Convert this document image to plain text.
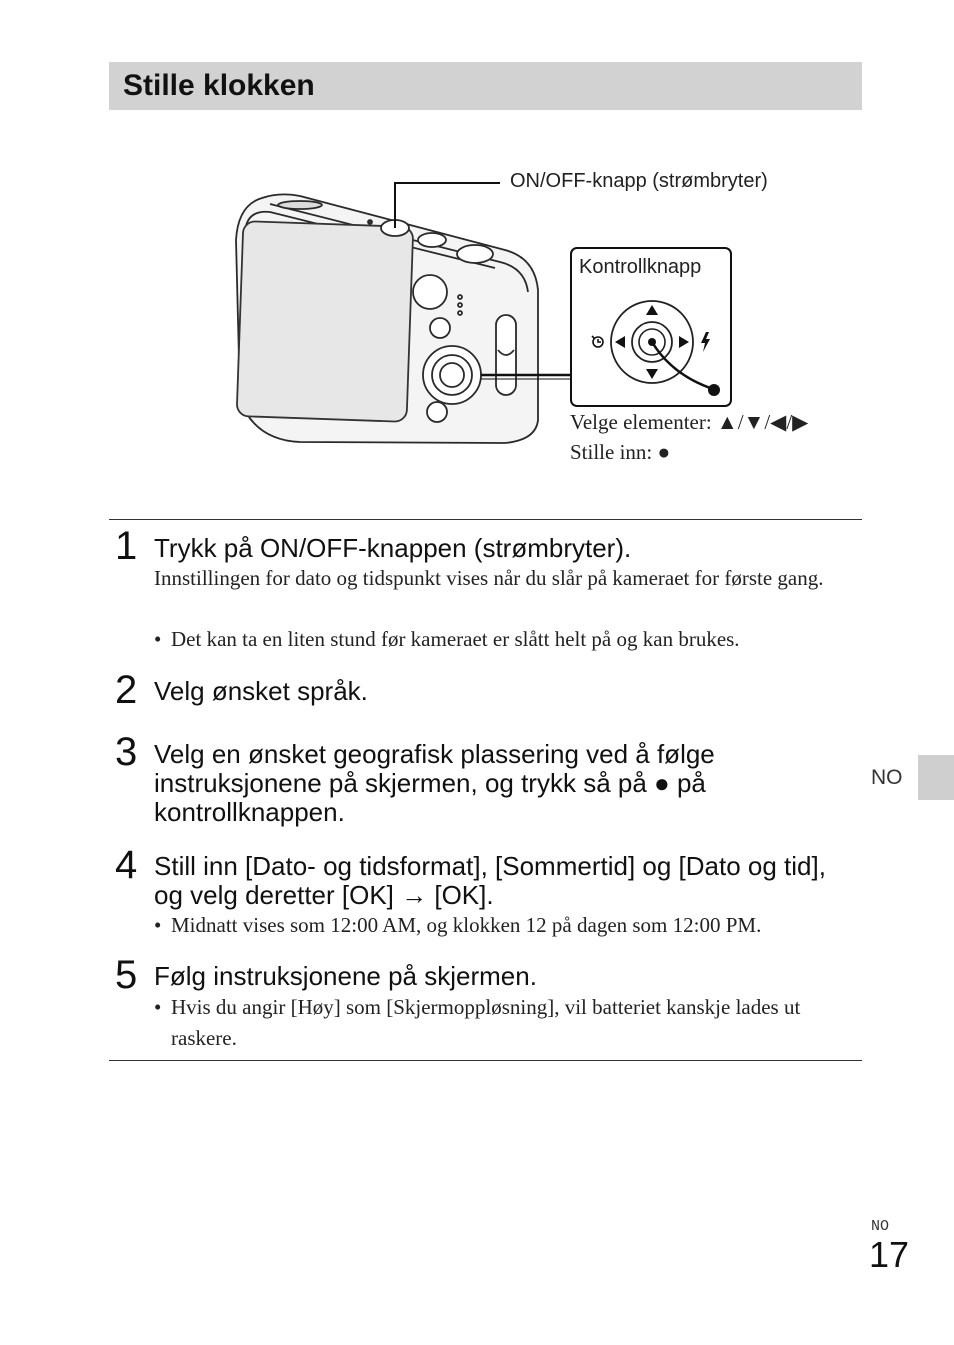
Stille klokken
ON/OFF-knapp (strømbryter)
Kontrollknapp
Velge elementer: ▲/▼/◀/▶
Stille inn: ●
1 Trykk på ON/OFF-knappen (strømbryter).
Innstillingen for dato og tidspunkt vises når du slår på kameraet for første gang.
• Det kan ta en liten stund før kameraet er slått helt på og kan brukes.
2 Velg ønsket språk.
3 Velg en ønsket geografisk plassering ved å følge instruksjonene på skjermen, og trykk så på ● på kontrollknappen.
4 Still inn [Dato- og tidsformat], [Sommertid] og [Dato og tid], og velg deretter [OK] → [OK].
• Midnatt vises som 12:00 AM, og klokken 12 på dagen som 12:00 PM.
5 Følg instruksjonene på skjermen.
• Hvis du angir [Høy] som [Skjermoppløsning], vil batteriet kanskje lades ut raskere.
NO
NO
17
